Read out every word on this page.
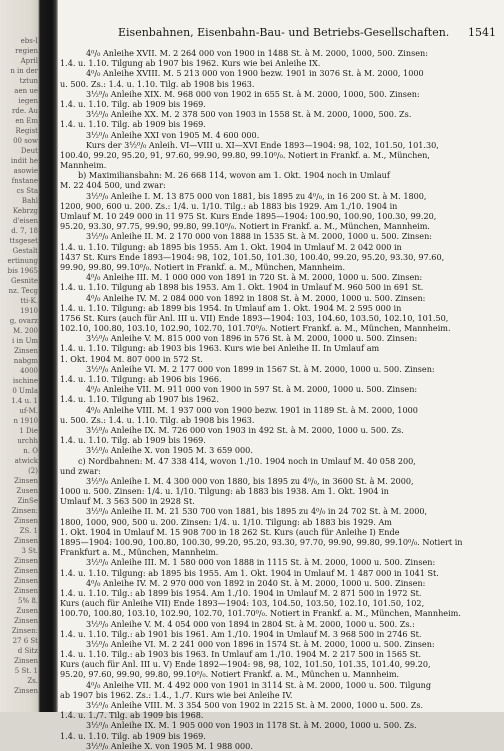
ebs-I
regien
April
n in der
tztun
aen ue
iegen
rde. Au
en Em
Regist
00 sow
Deut
indit he
asowie
fnstane
cs Sta
Bahl
Kebrzg
d'eisen
d. 7, 18
ttsgeset
Gestalt
ertinung
bis 1965
Gesnite
nz. Tecg
tti-K.
1910
g, ovarz
M. 200
i in Um
Zinsen
nabgm
4000
ischine
0 Umla
1.4 u. 1
uf-M.
n 1910
1 Die
urchh
n. O
atwick
(2)
Zinsen
Zusen
ZinSe
Zinsen:
Zinsen
ZS. 1
Zinsen
3 St.
Zinsen
Zinsen
Zinsen
Zinsen
5% 8.
Zusen
Zinsen
Zinsen:
27 6 St
d Sitz
Zinsen
5 St. 1
Zs.
Zinsen
Eisenbahnen, Eisenbahn-Bau- und Betriebs-Gesellschaften. 1541
4⁰/₀ Anleihe XVII. M. 2 264 000 von 1900 in 1488 St. à M. 2000, 1000, 500. Zinsen:
1.4. u. 1.10. Tilgung ab 1907 bis 1962. Kurs wie bei Anleihe IX.
4⁰/₀ Anleihe XVIII. M. 5 213 000 von 1900 bezw. 1901 in 3076 St. à M. 2000, 1000
u. 500. Zs.: 1.4. u. 1.10. Tilg. ab 1908 bis 1963.
3½⁰/₀ Anleihe XIX. M. 968 000 von 1902 in 655 St. à M. 2000, 1000, 500. Zinsen:
1.4. u. 1.10. Tilg. ab 1909 bis 1969.
3½⁰/₀ Anleihe XX. M. 2 378 500 von 1903 in 1558 St. à M. 2000, 1000, 500. Zs.
1.4. u. 1.10. Tilg. ab 1909 bis 1969.
3½⁰/₀ Anleihe XXI von 1905 M. 4 600 000.
Kurs der 3½⁰/₀ Anleih. VI—VIII u. XI—XVI Ende 1893—1904: 98, 102, 101.50, 101.30,
100.40, 99.20, 95.20, 91, 97.60, 99.90, 99.80, 99.10⁰/₀. Notiert in Frankf. a. M., München,
Mannheim.
b) Maximiliansbahn: M. 26 668 114, wovon am 1. Okt. 1904 noch in Umlauf
M. 22 404 500, und zwar:
3½⁰/₀ Anleihe I. M. 13 875 000 von 1881, bis 1895 zu 4⁰/₀, in 16 200 St. à M. 1800,
1200, 900, 600 u. 200. Zs.: 1/4. u. 1/10. Tilg.: ab 1883 bis 1929. Am 1./10. 1904 in
Umlauf M. 10 249 000 in 11 975 St. Kurs Ende 1895—1904: 100.90, 100.90, 100.30, 99.20,
95.20, 93.30, 97.75, 99.90, 99.80, 99.10⁰/₀. Notiert in Frankf. a. M., München, Mannheim.
3½⁰/₀ Anleihe II. M. 2 170 000 von 1888 in 1535 St. à M. 2000, 1000 u. 500. Zinsen:
1.4. u. 1.10. Tilgung: ab 1895 bis 1955. Am 1. Okt. 1904 in Umlauf M. 2 042 000 in
1437 St. Kurs Ende 1893—1904: 98, 102, 101.50, 101.30, 100.40, 99.20, 95.20, 93.30, 97.60,
99.90, 99.80, 99.10⁰/₀. Notiert in Frankf. a. M., München, Mannheim.
4⁰/₀ Anleihe III. M. 1 000 000 von 1891 in 720 St. à M. 2000, 1000 u. 500. Zinsen:
1.4. u. 1.10. Tilgung ab 1898 bis 1953. Am 1. Okt. 1904 in Umlauf M. 960 500 in 691 St.
4⁰/₀ Anleihe IV. M. 2 084 000 von 1892 in 1808 St. à M. 2000, 1000 u. 500. Zinsen:
1.4. u. 1.10. Tilgung: ab 1899 bis 1954. In Umlauf am 1. Okt. 1904 M. 2 595 000 in
1756 St. Kurs (auch für Anl. III u. VII) Ende 1893—1904: 103, 104.60, 103.50, 102.10, 101.50,
102.10, 100.80, 103.10, 102.90, 102.70, 101.70⁰/₀. Notiert Frankf. a. M., München, Mannheim.
3½⁰/₀ Anleihe V. M. 815 000 von 1896 in 576 St. à M. 2000, 1000 u. 500. Zinsen:
1.4. u. 1.10. Tilgung: ab 1903 bis 1963. Kurs wie bei Anleihe II. In Umlauf am
1. Okt. 1904 M. 807 000 in 572 St.
3½⁰/₀ Anleihe VI. M. 2 177 000 von 1899 in 1567 St. à M. 2000, 1000 u. 500. Zinsen:
1.4. u. 1.10. Tilgung: ab 1906 bis 1966.
4⁰/₀ Anleihe VII. M. 911 000 von 1900 in 597 St. à M. 2000, 1000 u. 500. Zinsen:
1.4. u. 1.10. Tilgung ab 1907 bis 1962.
4⁰/₀ Anleihe VIII. M. 1 937 000 von 1900 bezw. 1901 in 1189 St. à M. 2000, 1000
u. 500. Zs.: 1.4. u. 1.10. Tilg. ab 1908 bis 1963.
3½⁰/₀ Anleihe IX. M. 726 000 von 1903 in 492 St. à M. 2000, 1000 u. 500. Zs.
1.4. u. 1.10. Tilg. ab 1909 bis 1969.
3½⁰/₀ Anleihe X. von 1905 M. 3 659 000.
c) Nordbahnen: M. 47 338 414, wovon 1./10. 1904 noch in Umlauf M. 40 058 200,
und zwar:
3½⁰/₀ Anleihe I. M. 4 300 000 von 1880, bis 1895 zu 4⁰/₀, in 3600 St. à M. 2000,
1000 u. 500. Zinsen: 1/4. u. 1/10. Tilgung: ab 1883 bis 1938. Am 1. Okt. 1904 in
Umlauf M. 3 563 500 in 2928 St.
3½⁰/₀ Anleihe II. M. 21 530 700 von 1881, bis 1895 zu 4⁰/₀ in 24 702 St. à M. 2000,
1800, 1000, 900, 500 u. 200. Zinsen: 1/4. u. 1/10. Tilgung: ab 1883 bis 1929. Am
1. Okt. 1904 in Umlauf M. 15 908 700 in 18 262 St. Kurs (auch für Anleihe I) Ende
1895—1904: 100.90, 100.80, 100.30, 99.20, 95.20, 93.30, 97.70, 99.90, 99.80, 99.10⁰/₀. Notiert in
Frankfurt a. M., München, Mannheim.
3½⁰/₀ Anleihe III. M. 1 580 000 von 1888 in 1115 St. à M. 2000, 1000 u. 500. Zinsen:
1.4. u. 1.10. Tilgung: ab 1895 bis 1955. Am 1. Okt. 1904 in Umlauf M. 1 487 000 in 1041 St.
4⁰/₀ Anleihe IV. M. 2 970 000 von 1892 in 2040 St. à M. 2000, 1000 u. 500. Zinsen:
1.4. u. 1.10. Tilg.: ab 1899 bis 1954. Am 1./10. 1904 in Umlauf M. 2 871 500 in 1972 St.
Kurs (auch für Anleihe VII) Ende 1893—1904: 103, 104.50, 103.50, 102.10, 101.50, 102,
100.70, 100.80, 103.10, 102.90, 102.70, 101.70⁰/₀. Notiert in Frankf. a. M., München, Mannheim.
3½⁰/₀ Anleihe V. M. 4 054 000 von 1894 in 2804 St. à M. 2000, 1000 u. 500. Zs.:
1.4. u. 1.10. Tilg.: ab 1901 bis 1961. Am 1./10. 1904 in Umlauf M. 3 968 500 in 2746 St.
3½⁰/₀ Anleihe VI. M. 2 241 000 von 1896 in 1574 St. à M. 2000, 1000 u. 500. Zinsen:
1.4. u. 1.10. Tilg.: ab 1903 bis 1963. In Umlauf am 1./10. 1904 M. 2 217 500 in 1565 St.
Kurs (auch für Anl. III u. V) Ende 1892—1904: 98, 98, 102, 101.50, 101.35, 101.40, 99.20,
95.20, 97.60, 99.90, 99.80, 99.10⁰/₀. Notiert Frankf. a. M., München u. Mannheim.
4⁰/₀ Anleihe VII. M. 4 492 000 von 1901 in 3114 St. à M. 2000, 1000 u. 500. Tilgung
ab 1907 bis 1962. Zs.: 1.4., 1./7. Kurs wie bei Anleihe IV.
3½⁰/₀ Anleihe VIII. M. 3 354 500 von 1902 in 2215 St. à M. 2000, 1000 u. 500. Zs.
1.4. u. 1./7. Tilg. ab 1909 bis 1968.
3½⁰/₀ Anleihe IX. M. 1 905 000 von 1903 in 1178 St. à M. 2000, 1000 u. 500. Zs.
1.4. u. 1.10. Tilg. ab 1909 bis 1969.
3½⁰/₀ Anleihe X. von 1905 M. 1 988 000.
